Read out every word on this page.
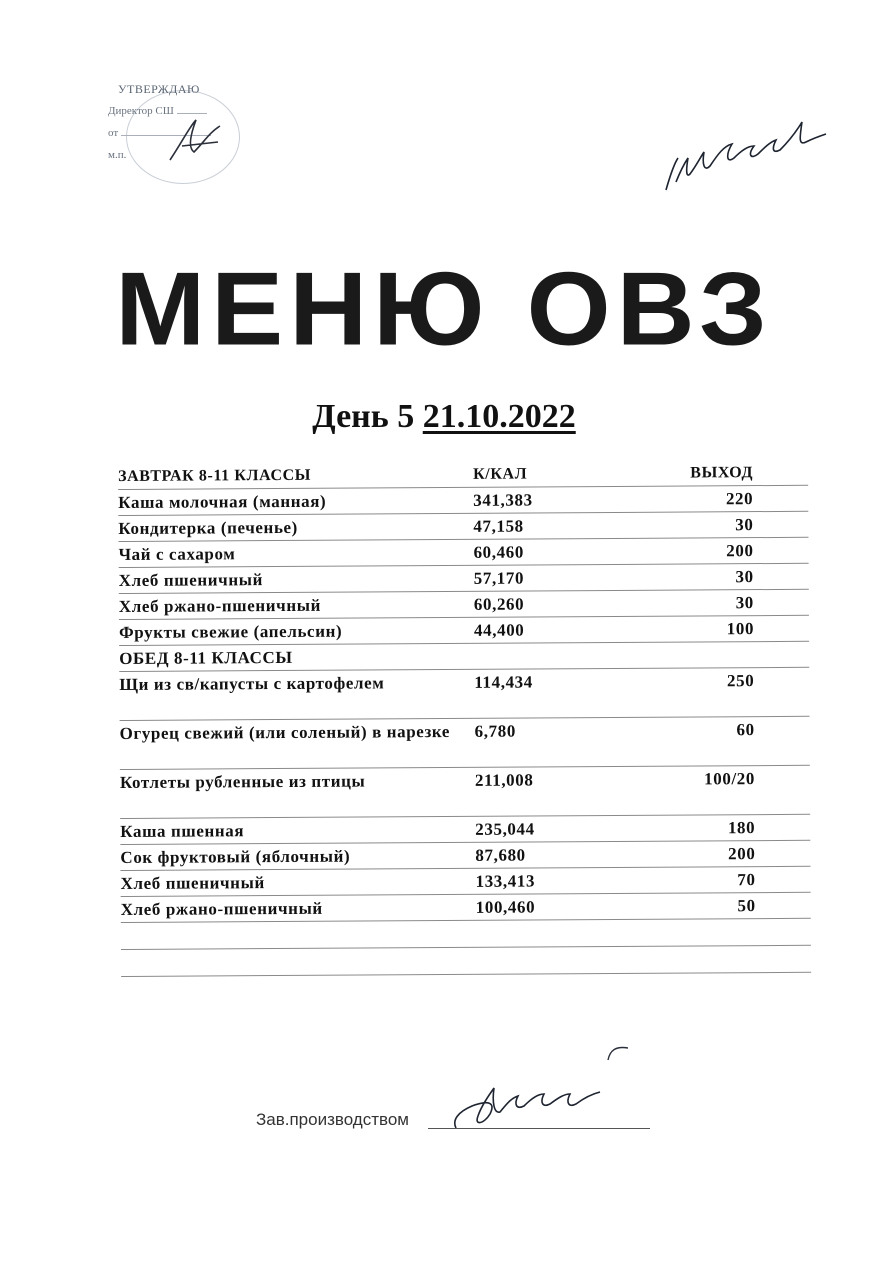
УТВЕРЖДАЮ
Директор СШ
от
м.п.
МЕНЮ ОВЗ
День 5 21.10.2022
ЗАВТРАК 8-11 КЛАССЫ	К/КАЛ	ВЫХОД
Каша молочная (манная)	341,383	220
Кондитерка (печенье)	47,158	30
Чай с сахаром	60,460	200
Хлеб пшеничный	57,170	30
Хлеб ржано-пшеничный	60,260	30
Фрукты свежие (апельсин)	44,400	100
ОБЕД 8-11 КЛАССЫ
Щи из св/капусты с картофелем	114,434	250
Огурец свежий (или соленый) в нарезке	6,780	60
Котлеты рубленные из птицы	211,008	100/20
Каша пшенная	235,044	180
Сок фруктовый (яблочный)	87,680	200
Хлеб пшеничный	133,413	70
Хлеб ржано-пшеничный	100,460	50
Зав.производством
